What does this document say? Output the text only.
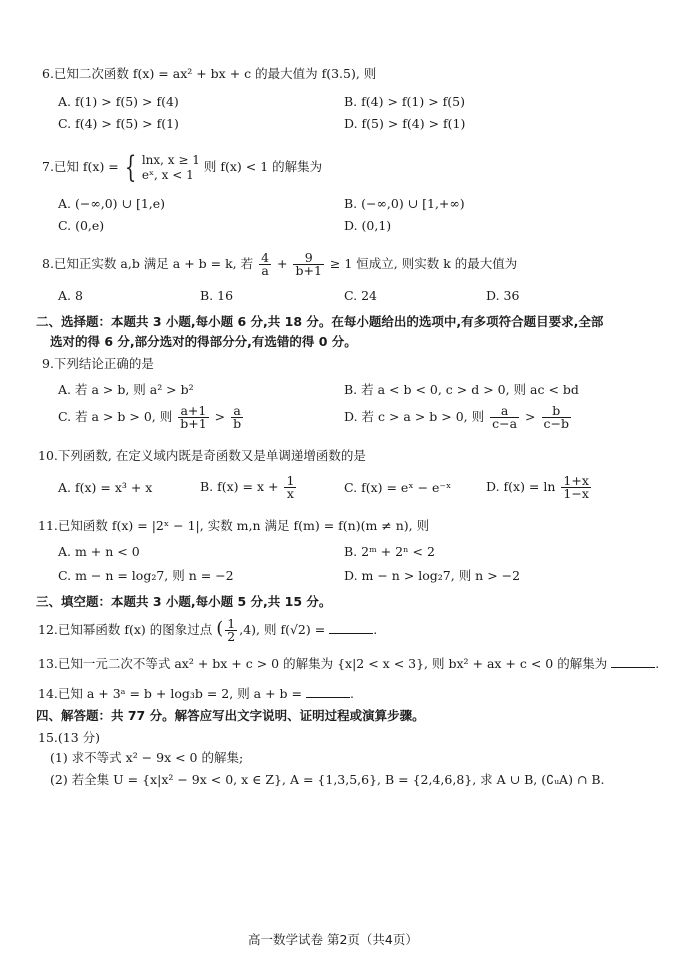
6.已知二次函数 f(x) = ax² + bx + c 的最大值为 f(3.5), 则
A. f(1) > f(5) > f(4)	B. f(4) > f(1) > f(5)
C. f(4) > f(5) > f(1)	D. f(5) > f(4) > f(1)
7.已知 f(x) = { lnx, x ≥ 1
eˣ, x < 1
则 f(x) < 1 的解集为
A. (−∞,0) ∪ [1,e)	B. (−∞,0) ∪ [1,+∞)
C. (0,e)	D. (0,1)
8.已知正实数 a,b 满足 a + b = k, 若 $\frac{4}{a} + \frac{9}{b+1} \ge 1$ 恒成立, 则实数 k 的最大值为
A. 8	B. 16	C. 24	D. 36
二、选择题：本题共 3 小题,每小题 6 分,共 18 分。在每小题给出的选项中,有多项符合题目要求,全部
选对的得 6 分,部分选对的得部分分,有选错的得 0 分。
9.下列结论正确的是
A. 若 a > b, 则 a² > b²	B. 若 a < b < 0, c > d > 0, 则 ac < bd
C. 若 a > b > 0, 则 $\frac{a+1}{b+1} > \frac{a}{b}$	D. 若 c > a > b > 0, 则 $\frac{a}{c-a} > \frac{b}{c-b}$
10.下列函数, 在定义域内既是奇函数又是单调递增函数的是
A. f(x) = x³ + x	B. $f(x) = x + \frac{1}{x}$	C. f(x) = eˣ − e⁻ˣ	D. $f(x) = \ln \frac{1+x}{1-x}$
11.已知函数 f(x) = |2ˣ − 1|, 实数 m,n 满足 f(m) = f(n)(m ≠ n), 则
A. m + n < 0	B. 2ᵐ + 2ⁿ < 2
C. m − n = log₂7, 则 n = −2	D. m − n > log₂7, 则 n > −2
三、填空题：本题共 3 小题,每小题 5 分,共 15 分。
12.已知幂函数 f(x) 的图象过点 ( $\frac{1}{2} ,4$), 则 f(√2) =	.
13.已知一元二次不等式 ax² + bx + c > 0 的解集为 {x|2 < x < 3}, 则 bx² + ax + c < 0 的解集为	.
14.已知 a + 3ᵃ = b + log₃b = 2, 则 a + b =	.
四、解答题：共 77 分。解答应写出文字说明、证明过程或演算步骤。
15.(13 分)
(1) 求不等式 x² − 9x < 0 的解集;
(2) 若全集 U = {x|x² − 9x < 0, x ∈ Z}, A = {1,3,5,6}, B = {2,4,6,8}, 求 A ∪ B, (∁ᵤA) ∩ B.
高一数学试卷 第2页（共4页）
